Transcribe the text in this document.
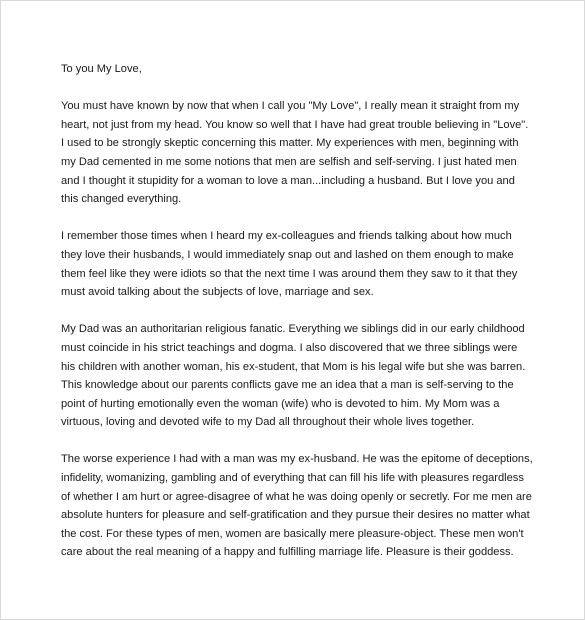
To you My Love,
You must have known by now that when I call you "My Love", I really mean it straight from my
heart, not just from my head. You know so well that I have had great trouble believing in "Love".
I used to be strongly skeptic concerning this matter. My experiences with men, beginning with
my Dad cemented in me some notions that men are selfish and self-serving. I just hated men
and I thought it stupidity for a woman to love a man...including a husband. But I love you and
this changed everything.
I remember those times when I heard my ex-colleagues and friends talking about how much
they love their husbands, I would immediately snap out and lashed on them enough to make
them feel like they were idiots so that the next time I was around them they saw to it that they
must avoid talking about the subjects of love, marriage and sex.
My Dad was an authoritarian religious fanatic. Everything we siblings did in our early childhood
must coincide in his strict teachings and dogma. I also discovered that we three siblings were
his children with another woman, his ex-student, that Mom is his legal wife but she was barren.
This knowledge about our parents conflicts gave me an idea that a man is self-serving to the
point of hurting emotionally even the woman (wife) who is devoted to him. My Mom was a
virtuous, loving and devoted wife to my Dad all throughout their whole lives together.
The worse experience I had with a man was my ex-husband. He was the epitome of deceptions,
infidelity, womanizing, gambling and of everything that can fill his life with pleasures regardless
of whether I am hurt or agree-disagree of what he was doing openly or secretly. For me men are
absolute hunters for pleasure and self-gratification and they pursue their desires no matter what
the cost. For these types of men, women are basically mere pleasure-object. These men won't
care about the real meaning of a happy and fulfilling marriage life. Pleasure is their goddess.
